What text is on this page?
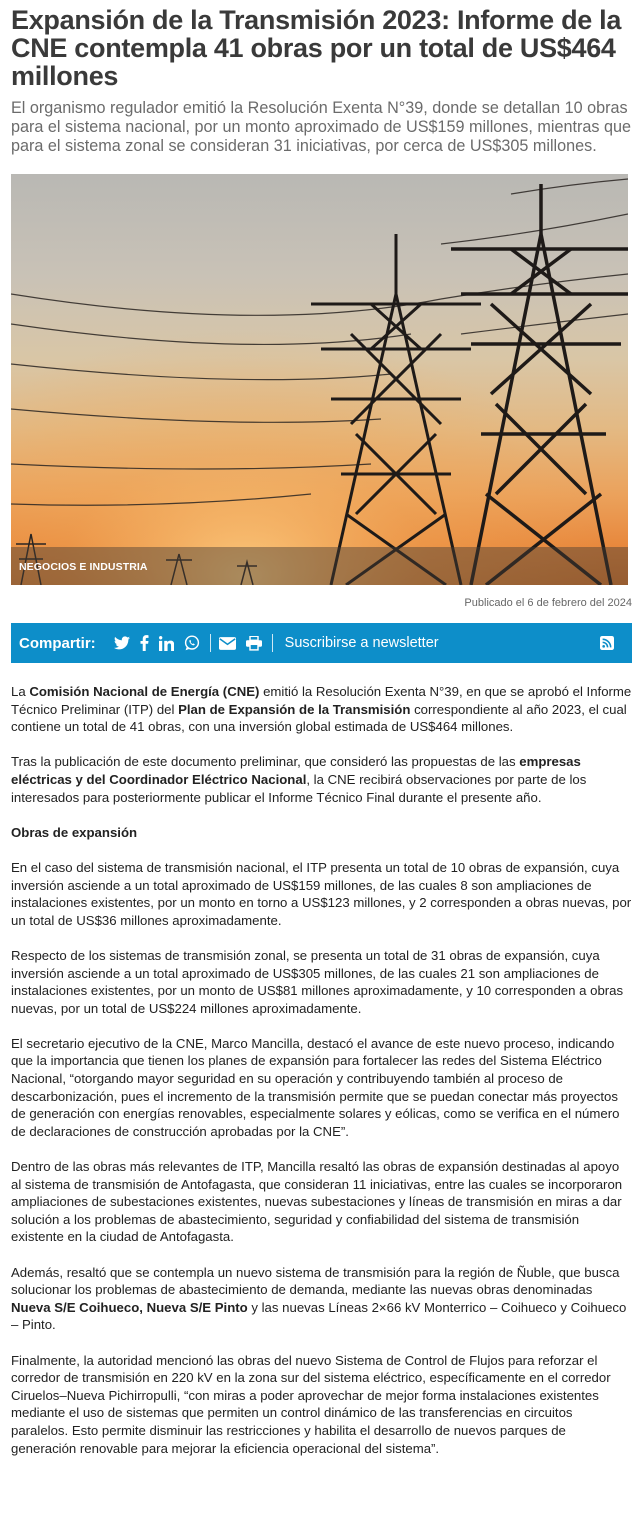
Expansión de la Transmisión 2023: Informe de la CNE contempla 41 obras por un total de US$464 millones

El organismo regulador emitió la Resolución Exenta N°39, donde se detallan 10 obras para el sistema nacional, por un monto aproximado de US$159 millones, mientras que para el sistema zonal se consideran 31 iniciativas, por cerca de US$305 millones.

NEGOCIOS E INDUSTRIA
Publicado el 6 de febrero del 2024
Compartir:	Suscribirse a newsletter

La Comisión Nacional de Energía (CNE) emitió la Resolución Exenta N°39, en que se aprobó el Informe Técnico Preliminar (ITP) del Plan de Expansión de la Transmisión correspondiente al año 2023, el cual contiene un total de 41 obras, con una inversión global estimada de US$464 millones.

Tras la publicación de este documento preliminar, que consideró las propuestas de las empresas eléctricas y del Coordinador Eléctrico Nacional, la CNE recibirá observaciones por parte de los interesados para posteriormente publicar el Informe Técnico Final durante el presente año.

Obras de expansión

En el caso del sistema de transmisión nacional, el ITP presenta un total de 10 obras de expansión, cuya inversión asciende a un total aproximado de US$159 millones, de las cuales 8 son ampliaciones de instalaciones existentes, por un monto en torno a US$123 millones, y 2 corresponden a obras nuevas, por un total de US$36 millones aproximadamente.

Respecto de los sistemas de transmisión zonal, se presenta un total de 31 obras de expansión, cuya inversión asciende a un total aproximado de US$305 millones, de las cuales 21 son ampliaciones de instalaciones existentes, por un monto de US$81 millones aproximadamente, y 10 corresponden a obras nuevas, por un total de US$224 millones aproximadamente.

El secretario ejecutivo de la CNE, Marco Mancilla, destacó el avance de este nuevo proceso, indicando que la importancia que tienen los planes de expansión para fortalecer las redes del Sistema Eléctrico Nacional, “otorgando mayor seguridad en su operación y contribuyendo también al proceso de descarbonización, pues el incremento de la transmisión permite que se puedan conectar más proyectos de generación con energías renovables, especialmente solares y eólicas, como se verifica en el número de declaraciones de construcción aprobadas por la CNE”.

Dentro de las obras más relevantes de ITP, Mancilla resaltó las obras de expansión destinadas al apoyo al sistema de transmisión de Antofagasta, que consideran 11 iniciativas, entre las cuales se incorporaron ampliaciones de subestaciones existentes, nuevas subestaciones y líneas de transmisión en miras a dar solución a los problemas de abastecimiento, seguridad y confiabilidad del sistema de transmisión existente en la ciudad de Antofagasta.

Además, resaltó que se contempla un nuevo sistema de transmisión para la región de Ñuble, que busca solucionar los problemas de abastecimiento de demanda, mediante las nuevas obras denominadas Nueva S/E Coihueco, Nueva S/E Pinto y las nuevas Líneas 2×66 kV Monterrico – Coihueco y Coihueco – Pinto.

Finalmente, la autoridad mencionó las obras del nuevo Sistema de Control de Flujos para reforzar el corredor de transmisión en 220 kV en la zona sur del sistema eléctrico, específicamente en el corredor Ciruelos–Nueva Pichirropulli, “con miras a poder aprovechar de mejor forma instalaciones existentes mediante el uso de sistemas que permiten un control dinámico de las transferencias en circuitos paralelos. Esto permite disminuir las restricciones y habilita el desarrollo de nuevos parques de generación renovable para mejorar la eficiencia operacional del sistema”.
